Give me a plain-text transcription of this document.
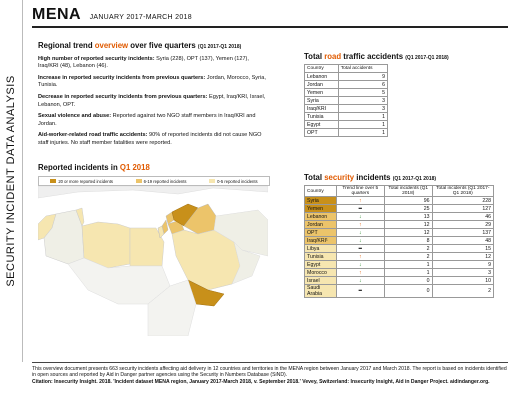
SECURITY INCIDENT DATA ANALYSIS
MENA JANUARY 2017-MARCH 2018
Regional trend overview over five quarters (Q1 2017-Q1 2018)
High number of reported security incidents: Syria (228), OPT (137), Yemen (127), Iraq/KRI (48), Lebanon (46).
Increase in reported security incidents from previous quarters: Jordan, Morocco, Syria, Tunisia.
Decrease in reported security incidents from previous quarters: Egypt, Iraq/KRI, Israel, Lebanon, OPT.
Sexual violence and abuse: Reported against two NGO staff members in Iraq/KRI and Jordan.
Aid-worker-related road traffic accidents: 90% of reported incidents did not cause NGO staff injuries. No staff member fatalities were reported.
Total road traffic accidents (Q1 2017-Q1 2018)
Country	Total accidents
Lebanon	9
Jordan	6
Yemen	5
Syria	3
Iraq/KRI	3
Tunisia	1
Egypt	1
OPT	1
Reported incidents in Q1 2018
20 or more reported incidents	6-19 reported incidents	0-5 reported incidents	Total security incidents (Q1 2017-Q1 2018)
Country	Trend line over 5 quarters	Total incidents (Q1 2018)	Total incidents (Q1 2017-Q1 2018)
Syria	↑	96	228
Yemen	━	25	127
Lebanon	↓	13	46
Jordan	↑	12	29
OPT	↓	12	137
Iraq/KRI¹	↓	8	48
Libya	━	2	15
Tunisia	↑	2	12
Egypt	↓	1	9
Morocco	↑	1	3
Israel	↓	0	10
Saudi Arabia	━	0	2
This overview document presents 663 security incidents affecting aid delivery in 12 countries and territories in the MENA region between January 2017 and March 2018. The report is based on incidents identified in open sources and reported by Aid in Danger partner agencies using the Security in Numbers Database (SiND).
Citation: Insecurity Insight. 2018. 'Incident dataset MENA region, January 2017-March 2018, v. September 2018.' Vevey, Switzerland: Insecurity Insight, Aid in Danger Project. aidindanger.org.
